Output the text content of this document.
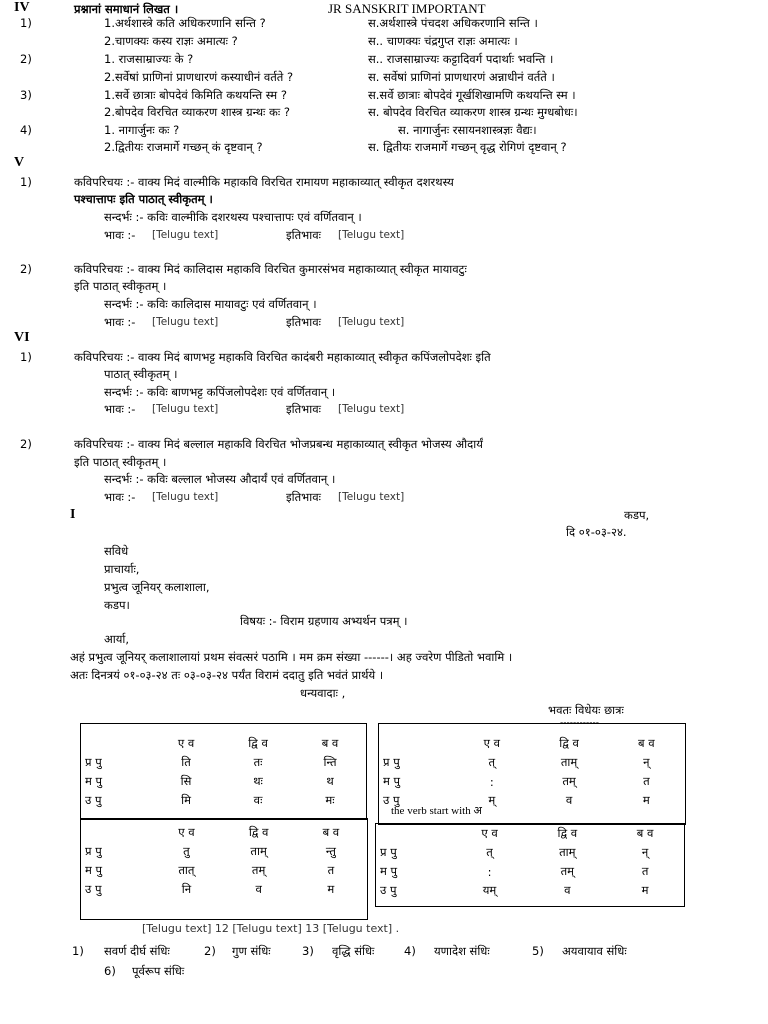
IV	प्रश्नानां समाधानं लिखत ।	JR SANSKRIT IMPORTANT
1)	1.अर्थशास्त्रे कति अधिकरणानि सन्ति ?	स.अर्थशास्त्रे पंचदश अधिकरणानि सन्ति ।
2.चाणक्यः कस्य राज्ञः अमात्यः ?	स.. चाणक्यः चंद्रगुप्त राज्ञः अमात्यः ।
2)	1. राजसाम्राज्यः के ?	स.. राजसाम्राज्यः कट्टादिवर्ग पदार्थाः भवन्ति ।
2.सर्वेषां प्राणिनां प्राणधारणं कस्याधीनं वर्तते ?	स. सर्वेषां प्राणिनां प्राणधारणं अन्नाधीनं वर्तते ।
3)	1.सर्वे छात्राः बोपदेवं किमिति कथयन्ति स्म ?	स.सर्वे छात्राः बोपदेवं गूर्खशिखामणि कथयन्ति स्म ।
2.बोपदेव विरचित व्याकरण शास्त्र ग्रन्थः कः ?	स. बोपदेव विरचित व्याकरण शास्त्र ग्रन्थः मुग्धबोधः।
4)	1. नागार्जुनः कः ?	स. नागार्जुनः रसायनशास्त्रज्ञः वैद्यः।
2.द्वितीयः राजमार्गे गच्छन् कं दृष्टवान् ?	स. द्वितीयः राजमार्गे गच्छन् वृद्ध रोगिणं दृष्टवान् ?
V
1)	कविपरिचयः :- वाक्य मिदं वाल्मीकि महाकवि विरचित रामायण महाकाव्यात् स्वीकृत दशरथस्य
पश्चात्तापः इति पाठात् स्वीकृतम् ।
सन्दर्भः :- कविः वाल्मीकि दशरथस्य पश्चात्तापः एवं वर्णितवान् ।
भावः :- [Telugu text]	इतिभावः [Telugu text]
2)	कविपरिचयः :- वाक्य मिदं कालिदास महाकवि विरचित कुमारसंभव महाकाव्यात् स्वीकृत मायावटुः
इति पाठात् स्वीकृतम् ।
सन्दर्भः :- कविः कालिदास मायावटुः एवं वर्णितवान् ।
भावः :- [Telugu text]	इतिभावः [Telugu text]
VI
1)	कविपरिचयः :- वाक्य मिदं बाणभट्ट महाकवि विरचित कादंबरी महाकाव्यात् स्वीकृत कपिंजलोपदेशः इति
पाठात् स्वीकृतम् ।
सन्दर्भः :- कविः बाणभट्ट कपिंजलोपदेशः एवं वर्णितवान् ।
भावः :- [Telugu text]	इतिभावः [Telugu text]
2)	कविपरिचयः :- वाक्य मिदं बल्लाल महाकवि विरचित भोजप्रबन्ध महाकाव्यात् स्वीकृत भोजस्य औदार्यं
इति पाठात् स्वीकृतम् ।
सन्दर्भः :- कविः बल्लाल भोजस्य औदार्यं एवं वर्णितवान् ।
भावः :- [Telugu text]	इतिभावः [Telugu text]
I	कडप,
दि ०१-०३-२४.
सविधे
प्राचार्याः,
प्रभुत्व जूनियर् कलाशाला,
कडप।
विषयः :- विराम ग्रहणाय अभ्यर्थन पत्रम् ।
आर्या,
अहं प्रभुत्व जूनियर् कलाशालायां प्रथम संवत्सरं पठामि । मम क्रम संख्या ------। अह ज्वरेण पीडितो भवामि ।
अतः दिनत्रयं ०१-०३-२४ तः ०३-०३-२४ पर्यंत विरामं ददातु इति भवंतं प्रार्थये ।
धन्यवादाः ,
भवतः विधेयः छात्रः
------------
	ए व	द्वि व	ब व
प्र पु	ति	तः	न्ति
म पु	सि	थः	थ
उ पु	मि	वः	मः
	ए व	द्वि व	ब व
प्र पु	त्	ताम्	न्
म पु	:	तम्	त
उ पु	म्	व	म
the verb start with अ
	ए व	द्वि व	ब व
प्र पु	तु	ताम्	न्तु
म पु	तात्	तम्	त
उ पु	नि	व	म
	ए व	द्वि व	ब व
प्र पु	त्	ताम्	न्
म पु	:	तम्	त
उ पु	यम्	व	म
[Telugu text] 12 [Telugu text] 13 [Telugu text] .
1) सवर्ण दीर्घ संधिः	2) गुण संधिः	3) वृद्धि संधिः	4) यणादेश संधिः	5) अयवायाव संधिः
6) पूर्वरूप संधिः
